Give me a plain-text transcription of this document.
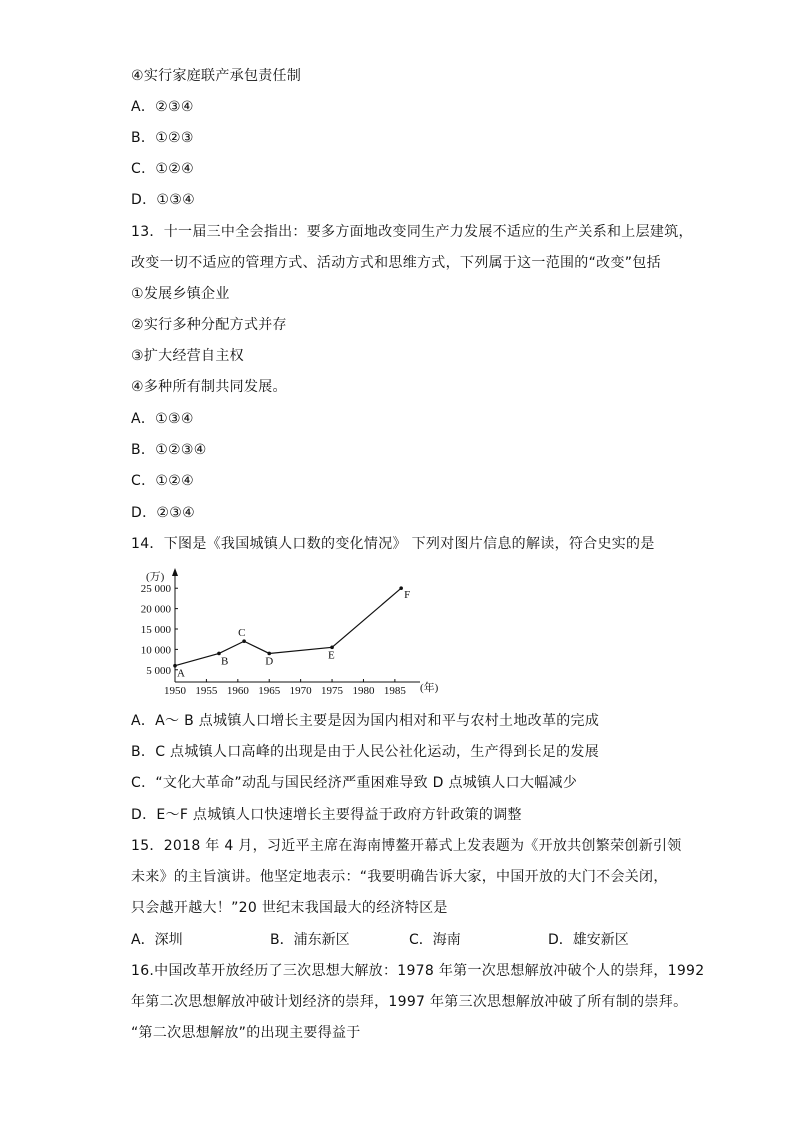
④实行家庭联产承包责任制
A．②③④
B．①②③
C．①②④
D．①③④
13．十一届三中全会指出：要多方面地改变同生产力发展不适应的生产关系和上层建筑，
改变一切不适应的管理方式、活动方式和思维方式，下列属于这一范围的“改变”包括
①发展乡镇企业
②实行多种分配方式并存
③扩大经营自主权
④多种所有制共同发展。
A．①③④
B．①②③④
C．①②④
D．②③④
14．下图是《我国城镇人口数的变化情况》 下列对图片信息的解读，符合史实的是
(万)
(年)
25 000
20 000
15 000
10 000
5 000
1950 1955 1960 1965 1970 1975 1980 1985
A
B
C
D
E
F
A．A～ B 点城镇人口增长主要是因为国内相对和平与农村土地改革的完成
B．C 点城镇人口高峰的出现是由于人民公社化运动，生产得到长足的发展
C．“文化大革命”动乱与国民经济严重困难导致 D 点城镇人口大幅减少
D．E～F 点城镇人口快速增长主要得益于政府方针政策的调整
15．2018 年 4 月，习近平主席在海南博鳌开幕式上发表题为《开放共创繁荣创新引领
未来》的主旨演讲。他坚定地表示：“我要明确告诉大家，中国开放的大门不会关闭，
只会越开越大！”20 世纪末我国最大的经济特区是
A．深圳	B．浦东新区	C．海南	D．雄安新区
16.中国改革开放经历了三次思想大解放：1978 年第一次思想解放冲破个人的崇拜，1992
年第二次思想解放冲破计划经济的崇拜，1997 年第三次思想解放冲破了所有制的崇拜。
“第二次思想解放”的出现主要得益于
